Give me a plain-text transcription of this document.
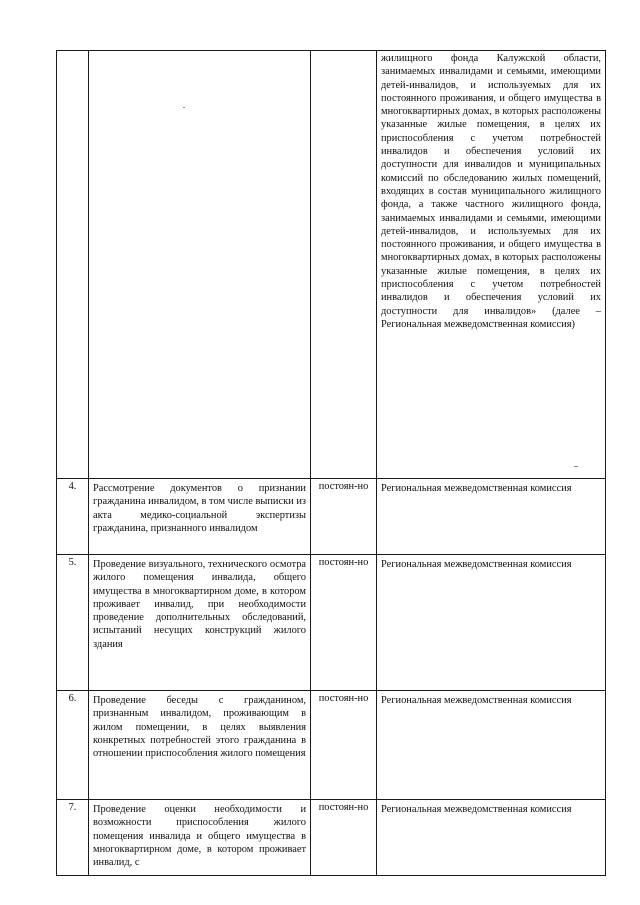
			жилищного фонда Калужской области, занимаемых инвалидами и семьями, имеющими детей-инвалидов, и используемых для их постоянного проживания, и общего имущества в многоквартирных домах, в которых расположены указанные жилые помещения, в целях их приспособления с учетом потребностей инвалидов и обеспечения условий их доступности для инвалидов и муниципальных комиссий по обследованию жилых помещений, входящих в состав муниципального жилищного фонда, а также частного жилищного фонда, занимаемых инвалидами и семьями, имеющими детей-инвалидов, и используемых для их постоянного проживания, и общего имущества в многоквартирных домах, в которых расположены указанные жилые помещения, в целях их приспособления с учетом потребностей инвалидов и обеспечения условий их доступности для инвалидов» (далее – Региональная межведомственная комиссия)
4.	Рассмотрение документов о признании гражданина инвалидом, в том числе выписки из акта медико-социальной экспертизы гражданина, признанного инвалидом	постоян-но	Региональная межведомственная комиссия
5.	Проведение визуального, технического осмотра жилого помещения инвалида, общего имущества в многоквартирном доме, в котором проживает инвалид, при необходимости проведение дополнительных обследований, испытаний несущих конструкций жилого здания	постоян-но	Региональная межведомственная комиссия
6.	Проведение беседы с гражданином, признанным инвалидом, проживающим в жилом помещении, в целях выявления конкретных потребностей этого гражданина в отношении приспособления жилого помещения	постоян-но	Региональная межведомственная комиссия
7.	Проведение оценки необходимости и возможности приспособления жилого помещения инвалида и общего имущества в многоквартирном доме, в котором проживает инвалид, с	постоян-но	Региональная межведомственная комиссия
